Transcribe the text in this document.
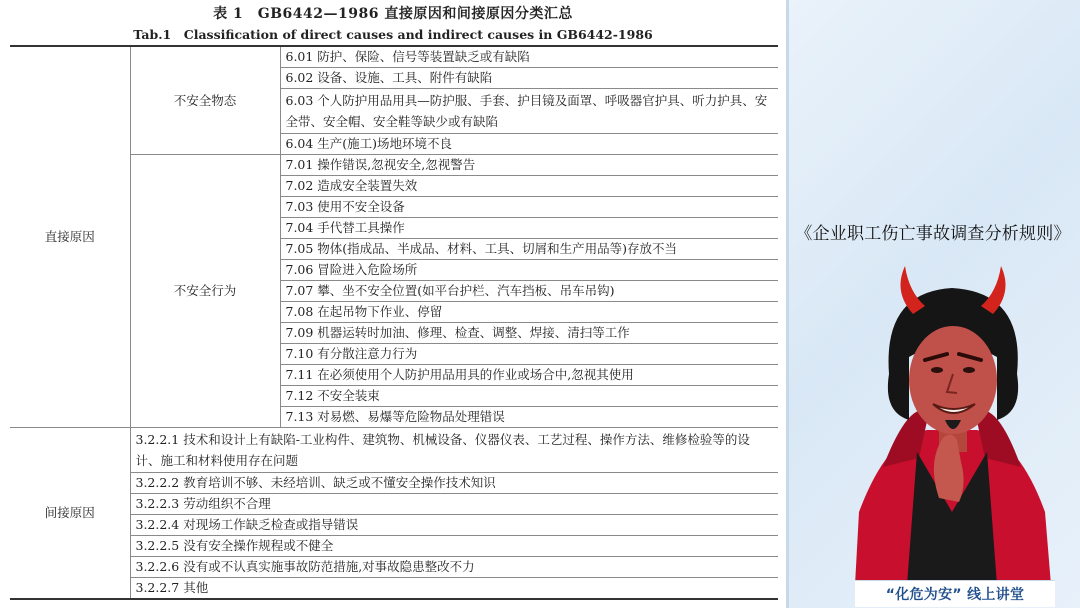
表 1　GB6442—1986 直接原因和间接原因分类汇总
Tab.1　Classification of direct causes and indirect causes in GB6442-1986
直接原因	不安全物态	6.01 防护、保险、信号等装置缺乏或有缺陷
		6.02 设备、设施、工具、附件有缺陷
		6.03 个人防护用品用具—防护服、手套、护目镜及面罩、呼吸器官护具、听力护具、安全带、安全帽、安全鞋等缺少或有缺陷
		6.04 生产(施工)场地环境不良
	不安全行为	7.01 操作错误,忽视安全,忽视警告
		7.02 造成安全装置失效
		7.03 使用不安全设备
		7.04 手代替工具操作
		7.05 物体(指成品、半成品、材料、工具、切屑和生产用品等)存放不当
		7.06 冒险进入危险场所
		7.07 攀、坐不安全位置(如平台护栏、汽车挡板、吊车吊钩)
		7.08 在起吊物下作业、停留
		7.09 机器运转时加油、修理、检查、调整、焊接、清扫等工作
		7.10 有分散注意力行为
		7.11 在必须使用个人防护用品用具的作业或场合中,忽视其使用
		7.12 不安全装束
		7.13 对易燃、易爆等危险物品处理错误
间接原因	3.2.2.1 技术和设计上有缺陷-工业构件、建筑物、机械设备、仪器仪表、工艺过程、操作方法、维修检验等的设计、施工和材料使用存在问题	
	3.2.2.2 教育培训不够、未经培训、缺乏或不懂安全操作技术知识	
	3.2.2.3 劳动组织不合理	
	3.2.2.4 对现场工作缺乏检查或指导错误	
	3.2.2.5 没有安全操作规程或不健全	
	3.2.2.6 没有或不认真实施事故防范措施,对事故隐患整改不力	
	3.2.2.7 其他	
《企业职工伤亡事故调查分析规则》
“化危为安” 线上讲堂
